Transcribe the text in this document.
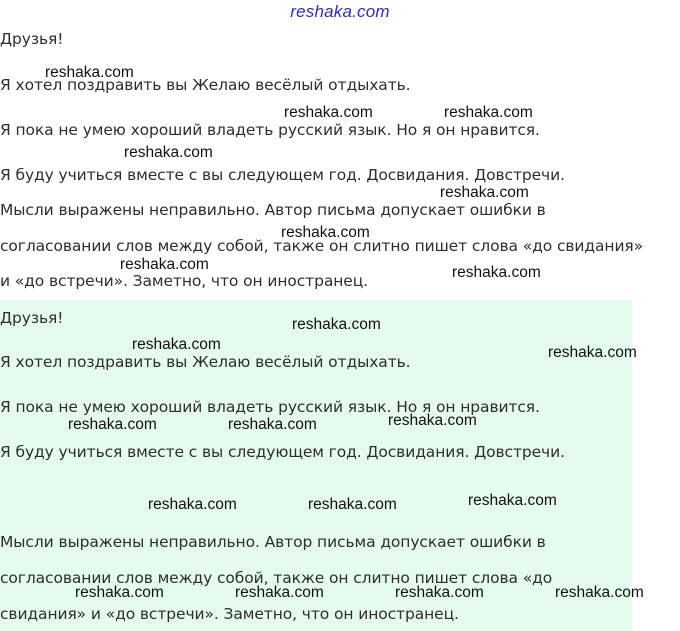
reshaka.com
Друзья!
Я хотел поздравить вы Желаю весёлый отдыхать.
Я пока не умею хороший владеть русский язык. Но я он нравится.
Я буду учиться вместе с вы следующем год. Досвидания. Довстречи.
Мысли выражены неправильно. Автор письма допускает ошибки в
согласовании слов между собой, также он слитно пишет слова «до свидания»
и «до встречи». Заметно, что он иностранец.
Друзья!
Я хотел поздравить вы Желаю весёлый отдыхать.
Я пока не умею хороший владеть русский язык. Но я он нравится.
Я буду учиться вместе с вы следующем год. Досвидания. Довстречи.
Мысли выражены неправильно. Автор письма допускает ошибки в
согласовании слов между собой, также он слитно пишет слова «до
свидания» и «до встречи». Заметно, что он иностранец.
reshaka.com
reshaka.com	reshaka.com
reshaka.com
reshaka.com
reshaka.com
reshaka.com	reshaka.com
reshaka.com
reshaka.com	reshaka.com
reshaka.com
reshaka.com	reshaka.com
reshaka.com
reshaka.com	reshaka.com
reshaka.com	reshaka.com	reshaka.com	reshaka.com
